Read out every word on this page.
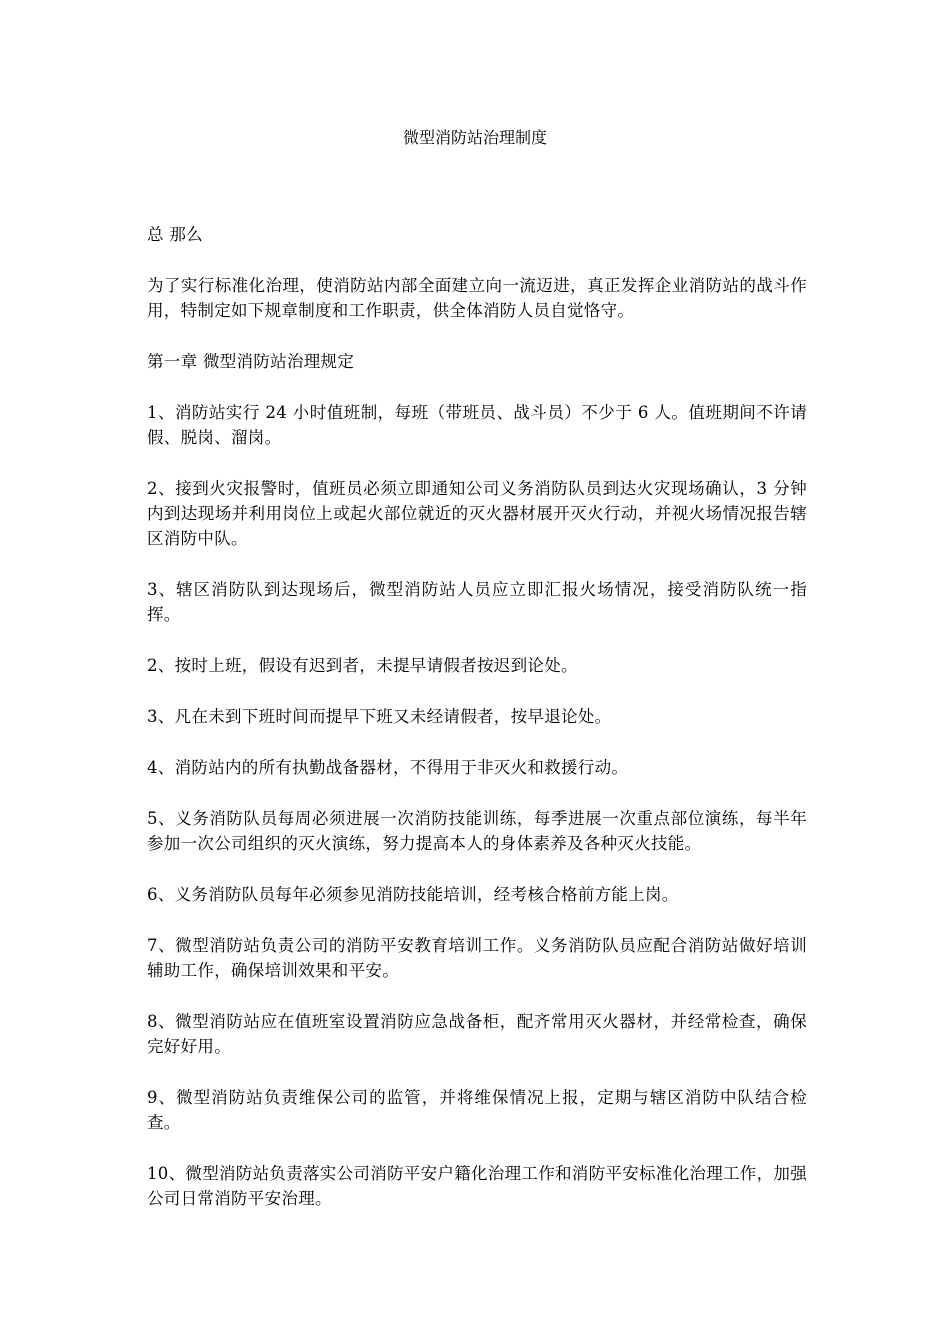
微型消防站治理制度

总 那么

为了实行标准化治理，使消防站内部全面建立向一流迈进，真正发挥企业消防站的战斗作用，特制定如下规章制度和工作职责，供全体消防人员自觉恪守。

第一章 微型消防站治理规定

1、消防站实行 24 小时值班制，每班（带班员、战斗员）不少于 6 人。值班期间不许请假、脱岗、溜岗。

2、接到火灾报警时，值班员必须立即通知公司义务消防队员到达火灾现场确认，3 分钟内到达现场并利用岗位上或起火部位就近的灭火器材展开灭火行动，并视火场情况报告辖区消防中队。

3、辖区消防队到达现场后，微型消防站人员应立即汇报火场情况，接受消防队统一指挥。

2、按时上班，假设有迟到者，未提早请假者按迟到论处。

3、凡在未到下班时间而提早下班又未经请假者，按早退论处。

4、消防站内的所有执勤战备器材，不得用于非灭火和救援行动。

5、义务消防队员每周必须进展一次消防技能训练，每季进展一次重点部位演练，每半年参加一次公司组织的灭火演练，努力提高本人的身体素养及各种灭火技能。

6、义务消防队员每年必须参见消防技能培训，经考核合格前方能上岗。

7、微型消防站负责公司的消防平安教育培训工作。义务消防队员应配合消防站做好培训辅助工作，确保培训效果和平安。

8、微型消防站应在值班室设置消防应急战备柜，配齐常用灭火器材，并经常检查，确保完好好用。

9、微型消防站负责维保公司的监管，并将维保情况上报，定期与辖区消防中队结合检查。

10、微型消防站负责落实公司消防平安户籍化治理工作和消防平安标准化治理工作，加强公司日常消防平安治理。
